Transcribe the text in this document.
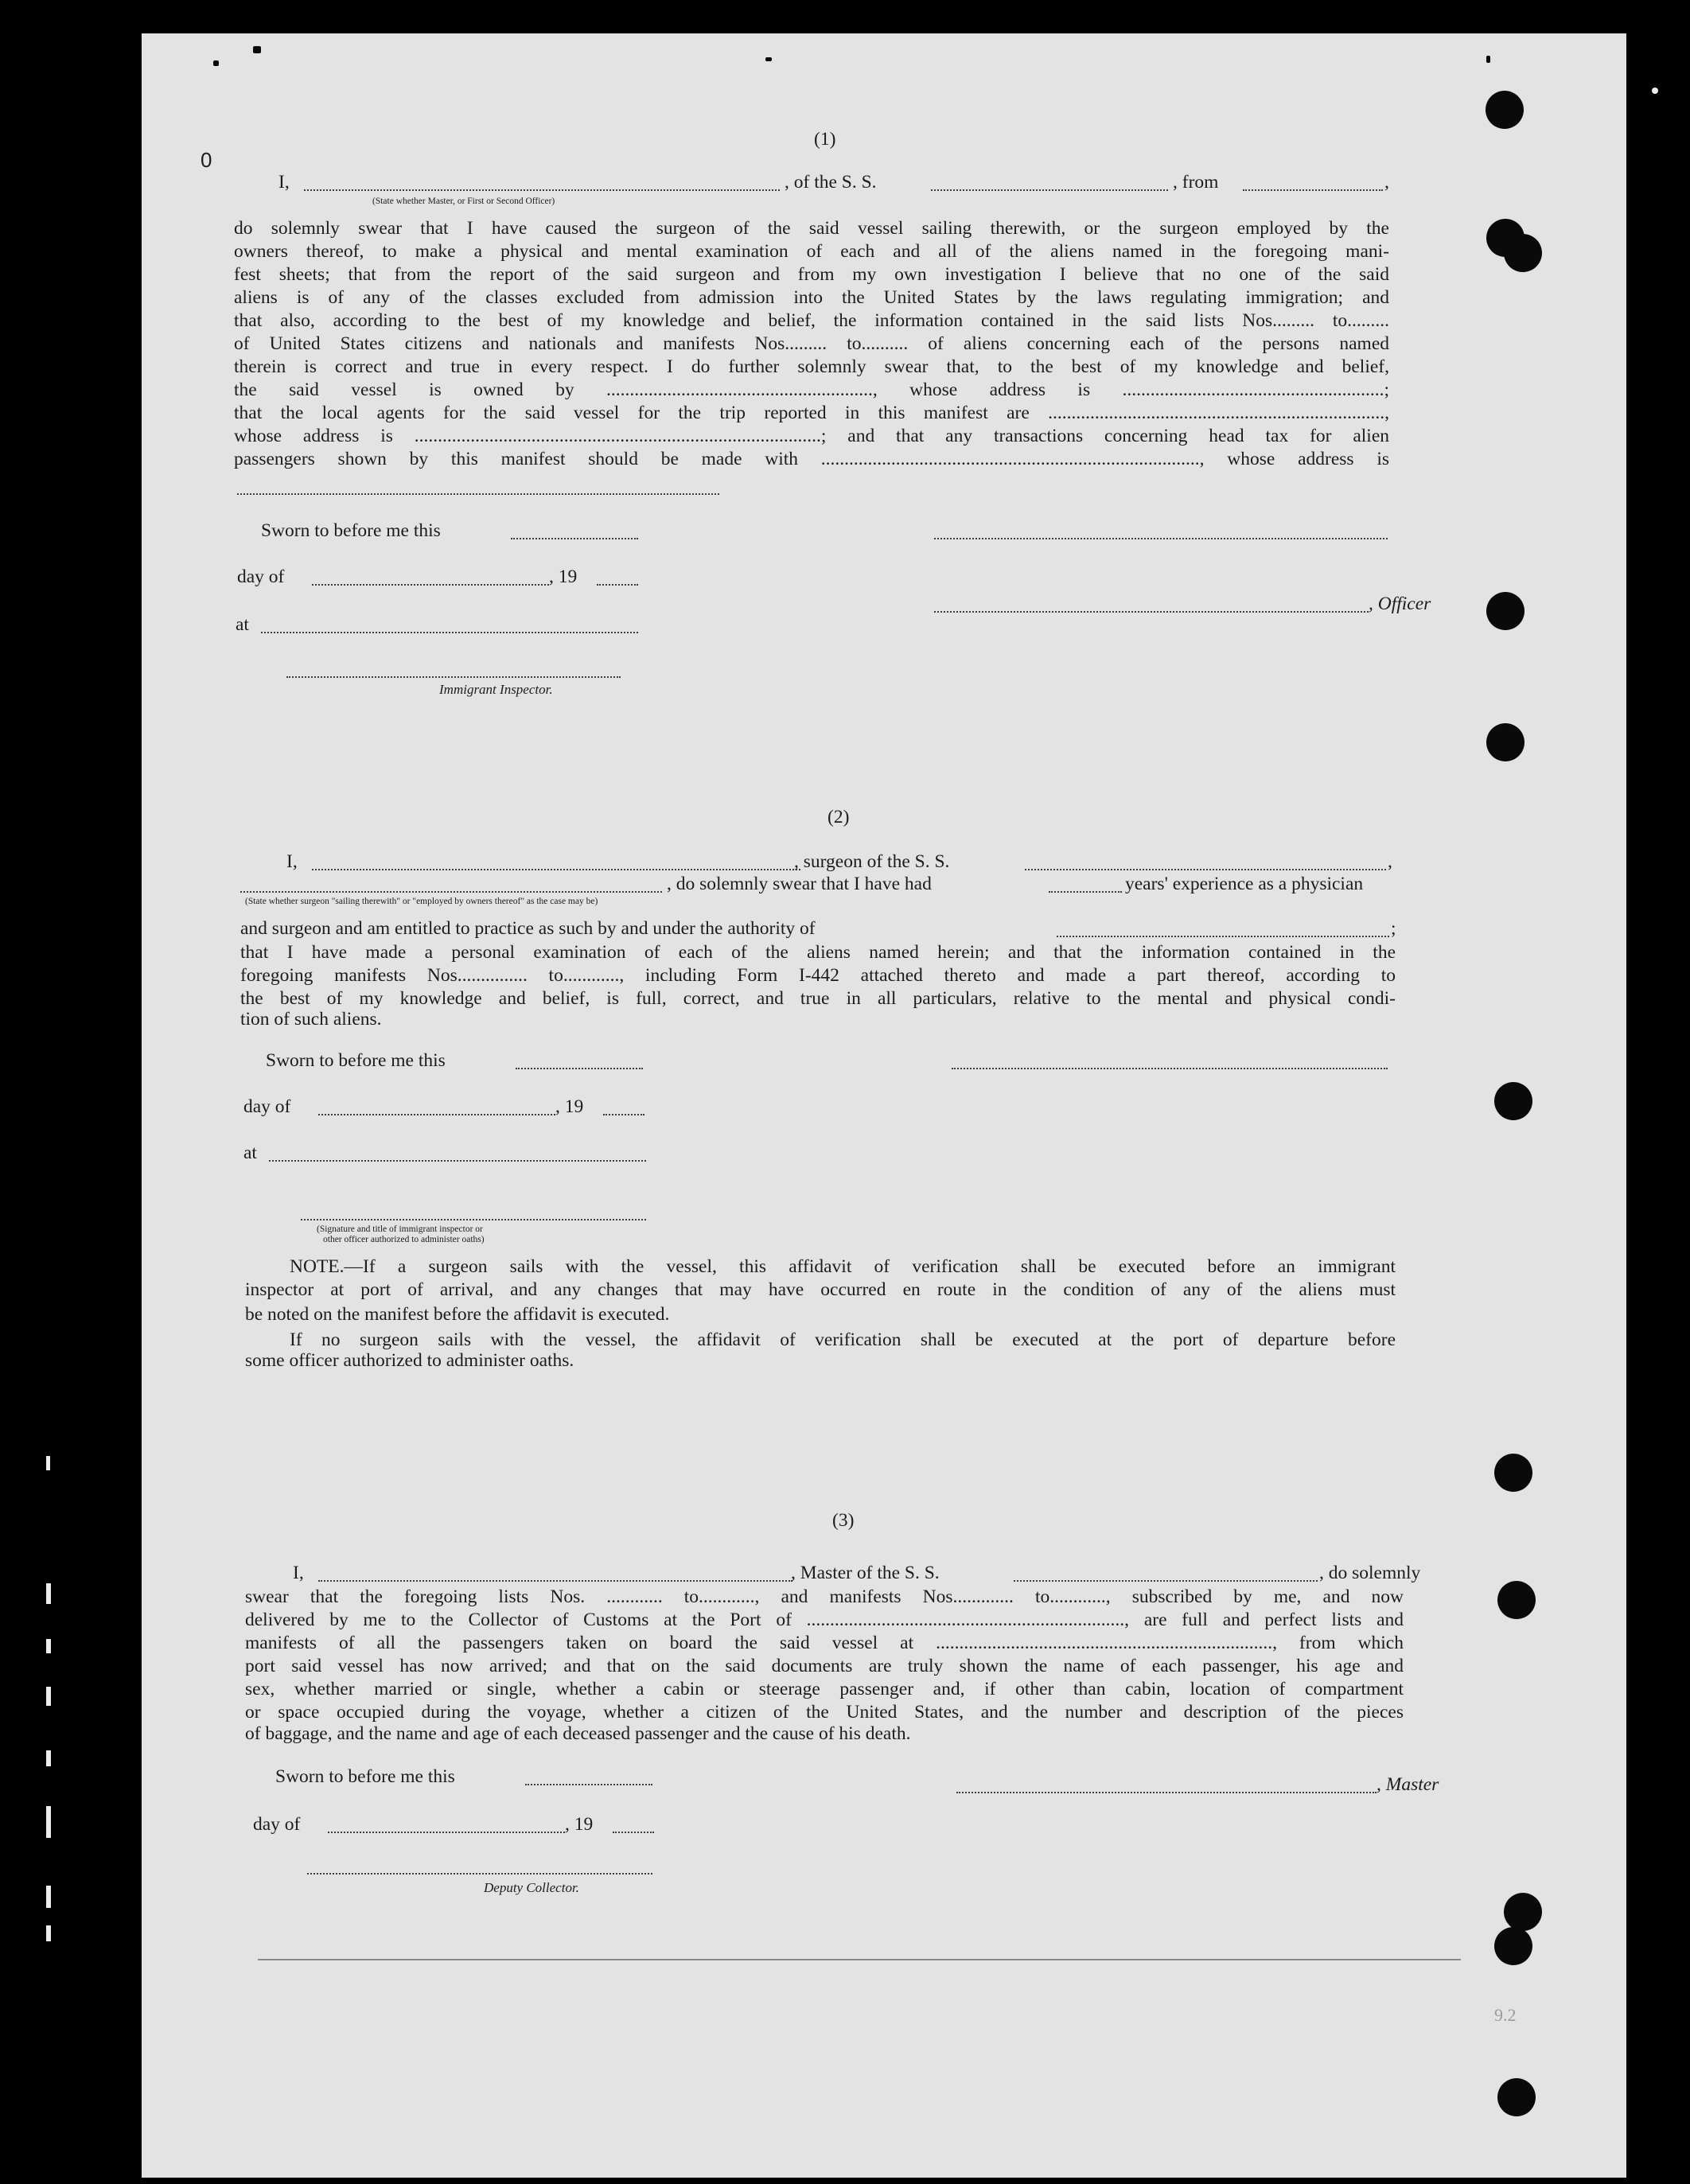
0
(1)
I,	, of the S. S.	, from	,
(State whether Master, or First or Second Officer)
do solemnly swear that I have caused the surgeon of the said vessel sailing therewith, or the surgeon employed by the
owners thereof, to make a physical and mental examination of each and all of the aliens named in the foregoing mani-
fest sheets; that from the report of the said surgeon and from my own investigation I believe that no one of the said
aliens is of any of the classes excluded from admission into the United States by the laws regulating immigration; and
that also, according to the best of my knowledge and belief, the information contained in the said lists Nos......... to.........
of United States citizens and nationals and manifests Nos......... to.......... of aliens concerning each of the persons named
therein is correct and true in every respect. I do further solemnly swear that, to the best of my knowledge and belief,
the said vessel is owned by ........................................................., whose address is ........................................................;
that the local agents for the said vessel for the trip reported in this manifest are ........................................................................,
whose address is .......................................................................................; and that any transactions concerning head tax for alien
passengers shown by this manifest should be made with ................................................................................., whose address is
Sworn to before me this
day of	, 19
, Officer
at
Immigrant Inspector.
(2)
I,	, surgeon of the S. S.	,
, do solemnly swear that I have had	years' experience as a physician
(State whether surgeon "sailing therewith" or "employed by owners thereof" as the case may be)
and surgeon and am entitled to practice as such by and under the authority of	;
that I have made a personal examination of each of the aliens named herein; and that the information contained in the
foregoing manifests Nos............... to............, including Form I-442 attached thereto and made a part thereof, according to
the best of my knowledge and belief, is full, correct, and true in all particulars, relative to the mental and physical condi-
tion of such aliens.
Sworn to before me this
day of	, 19
at
(Signature and title of immigrant inspector or
other officer authorized to administer oaths)
NOTE.—If a surgeon sails with the vessel, this affidavit of verification shall be executed before an immigrant
inspector at port of arrival, and any changes that may have occurred en route in the condition of any of the aliens must
be noted on the manifest before the affidavit is executed.
If no surgeon sails with the vessel, the affidavit of verification shall be executed at the port of departure before
some officer authorized to administer oaths.
(3)
I,	, Master of the S. S.	, do solemnly
swear that the foregoing lists Nos. ............ to............, and manifests Nos............. to............, subscribed by me, and now
delivered by me to the Collector of Customs at the Port of ...................................................................., are full and perfect lists and
manifests of all the passengers taken on board the said vessel at ........................................................................, from which
port said vessel has now arrived; and that on the said documents are truly shown the name of each passenger, his age and
sex, whether married or single, whether a cabin or steerage passenger and, if other than cabin, location of compartment
or space occupied during the voyage, whether a citizen of the United States, and the number and description of the pieces
of baggage, and the name and age of each deceased passenger and the cause of his death.
Sworn to before me this	, Master
day of	, 19
Deputy Collector.
9.2
